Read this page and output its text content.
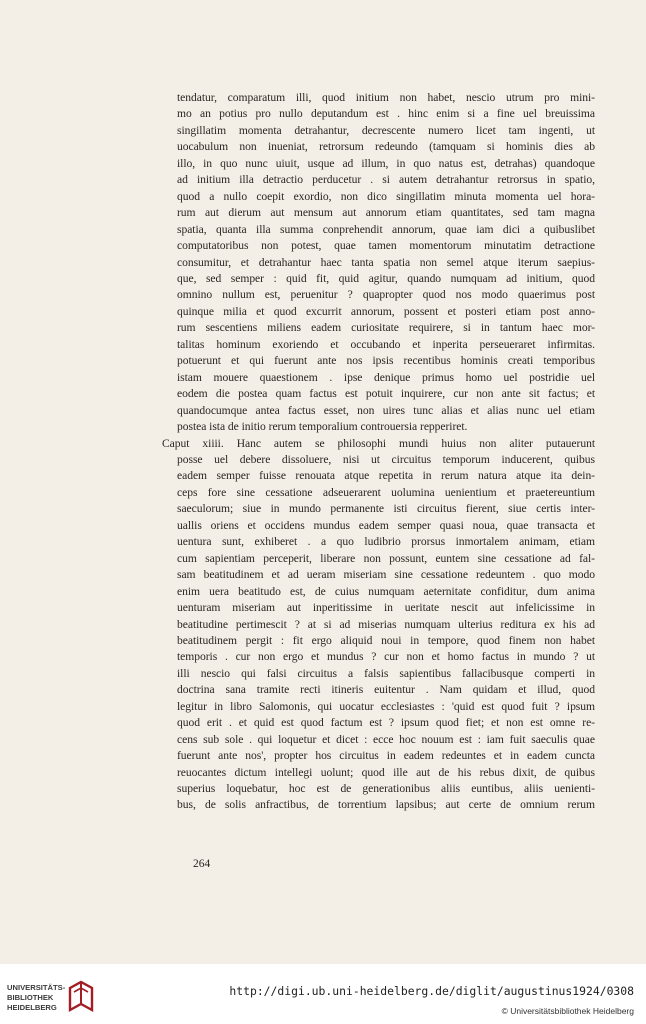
tendatur, comparatum illi, quod initium non habet, nescio utrum pro mini-
mo an potius pro nullo deputandum est . hinc enim si a fine uel breuissima
singillatim momenta detrahantur, decrescente numero licet tam ingenti, ut
uocabulum non inueniat, retrorsum redeundo (tamquam si hominis dies ab
illo, in quo nunc uiuit, usque ad illum, in quo natus est, detrahas) quandoque
ad initium illa detractio perducetur . si autem detrahantur retrorsus in spatio,
quod a nullo coepit exordio, non dico singillatim minuta momenta uel hora-
rum aut dierum aut mensum aut annorum etiam quantitates, sed tam magna
spatia, quanta illa summa conprehendit annorum, quae iam dici a quibuslibet
computatoribus non potest, quae tamen momentorum minutatim detractione
consumitur, et detrahantur haec tanta spatia non semel atque iterum saepius-
que, sed semper : quid fit, quid agitur, quando numquam ad initium, quod
omnino nullum est, peruenitur ? quapropter quod nos modo quaerimus post
quinque milia et quod excurrit annorum, possent et posteri etiam post anno-
rum sescentiens miliens eadem curiositate requirere, si in tantum haec mor-
talitas hominum exoriendo et occubando et inperita perseueraret infirmitas.
potuerunt et qui fuerunt ante nos ipsis recentibus hominis creati temporibus
istam mouere quaestionem . ipse denique primus homo uel postridie uel
eodem die postea quam factus est potuit inquirere, cur non ante sit factus; et
quandocumque antea factus esset, non uires tunc alias et alias nunc uel etiam
postea ista de initio rerum temporalium controuersia repperiret.
Caput xiiii. Hanc autem se philosophi mundi huius non aliter putauerunt
posse uel debere dissoluere, nisi ut circuitus temporum inducerent, quibus
eadem semper fuisse renouata atque repetita in rerum natura atque ita dein-
ceps fore sine cessatione adseuerarent uolumina uenientium et praetereuntium
saeculorum; siue in mundo permanente isti circuitus fierent, siue certis inter-
uallis oriens et occidens mundus eadem semper quasi noua, quae transacta et
uentura sunt, exhiberet . a quo ludibrio prorsus inmortalem animam, etiam
cum sapientiam perceperit, liberare non possunt, euntem sine cessatione ad fal-
sam beatitudinem et ad ueram miseriam sine cessatione redeuntem . quo modo
enim uera beatitudo est, de cuius numquam aeternitate confiditur, dum anima
uenturam miseriam aut inperitissime in ueritate nescit aut infelicissime in
beatitudine pertimescit ? at si ad miserias numquam ulterius reditura ex his ad
beatitudinem pergit : fit ergo aliquid noui in tempore, quod finem non habet
temporis . cur non ergo et mundus ? cur non et homo factus in mundo ? ut
illi nescio qui falsi circuitus a falsis sapientibus fallacibusque comperti in
doctrina sana tramite recti itineris euitentur . Nam quidam et illud, quod
legitur in libro Salomonis, qui uocatur ecclesiastes : 'quid est quod fuit ? ipsum
quod erit . et quid est quod factum est ? ipsum quod fiet; et non est omne re-
cens sub sole . qui loquetur et dicet : ecce hoc nouum est : iam fuit saeculis quae
fuerunt ante nos', propter hos circuitus in eadem redeuntes et in eadem cuncta
reuocantes dictum intellegi uolunt; quod ille aut de his rebus dixit, de quibus
superius loquebatur, hoc est de generationibus aliis euntibus, aliis uenienti-
bus, de solis anfractibus, de torrentium lapsibus; aut certe de omnium rerum
264
UNIVERSITÄTS-
BIBLIOTHEK
HEIDELBERG
http://digi.ub.uni-heidelberg.de/diglit/augustinus1924/0308
© Universitätsbibliothek Heidelberg
